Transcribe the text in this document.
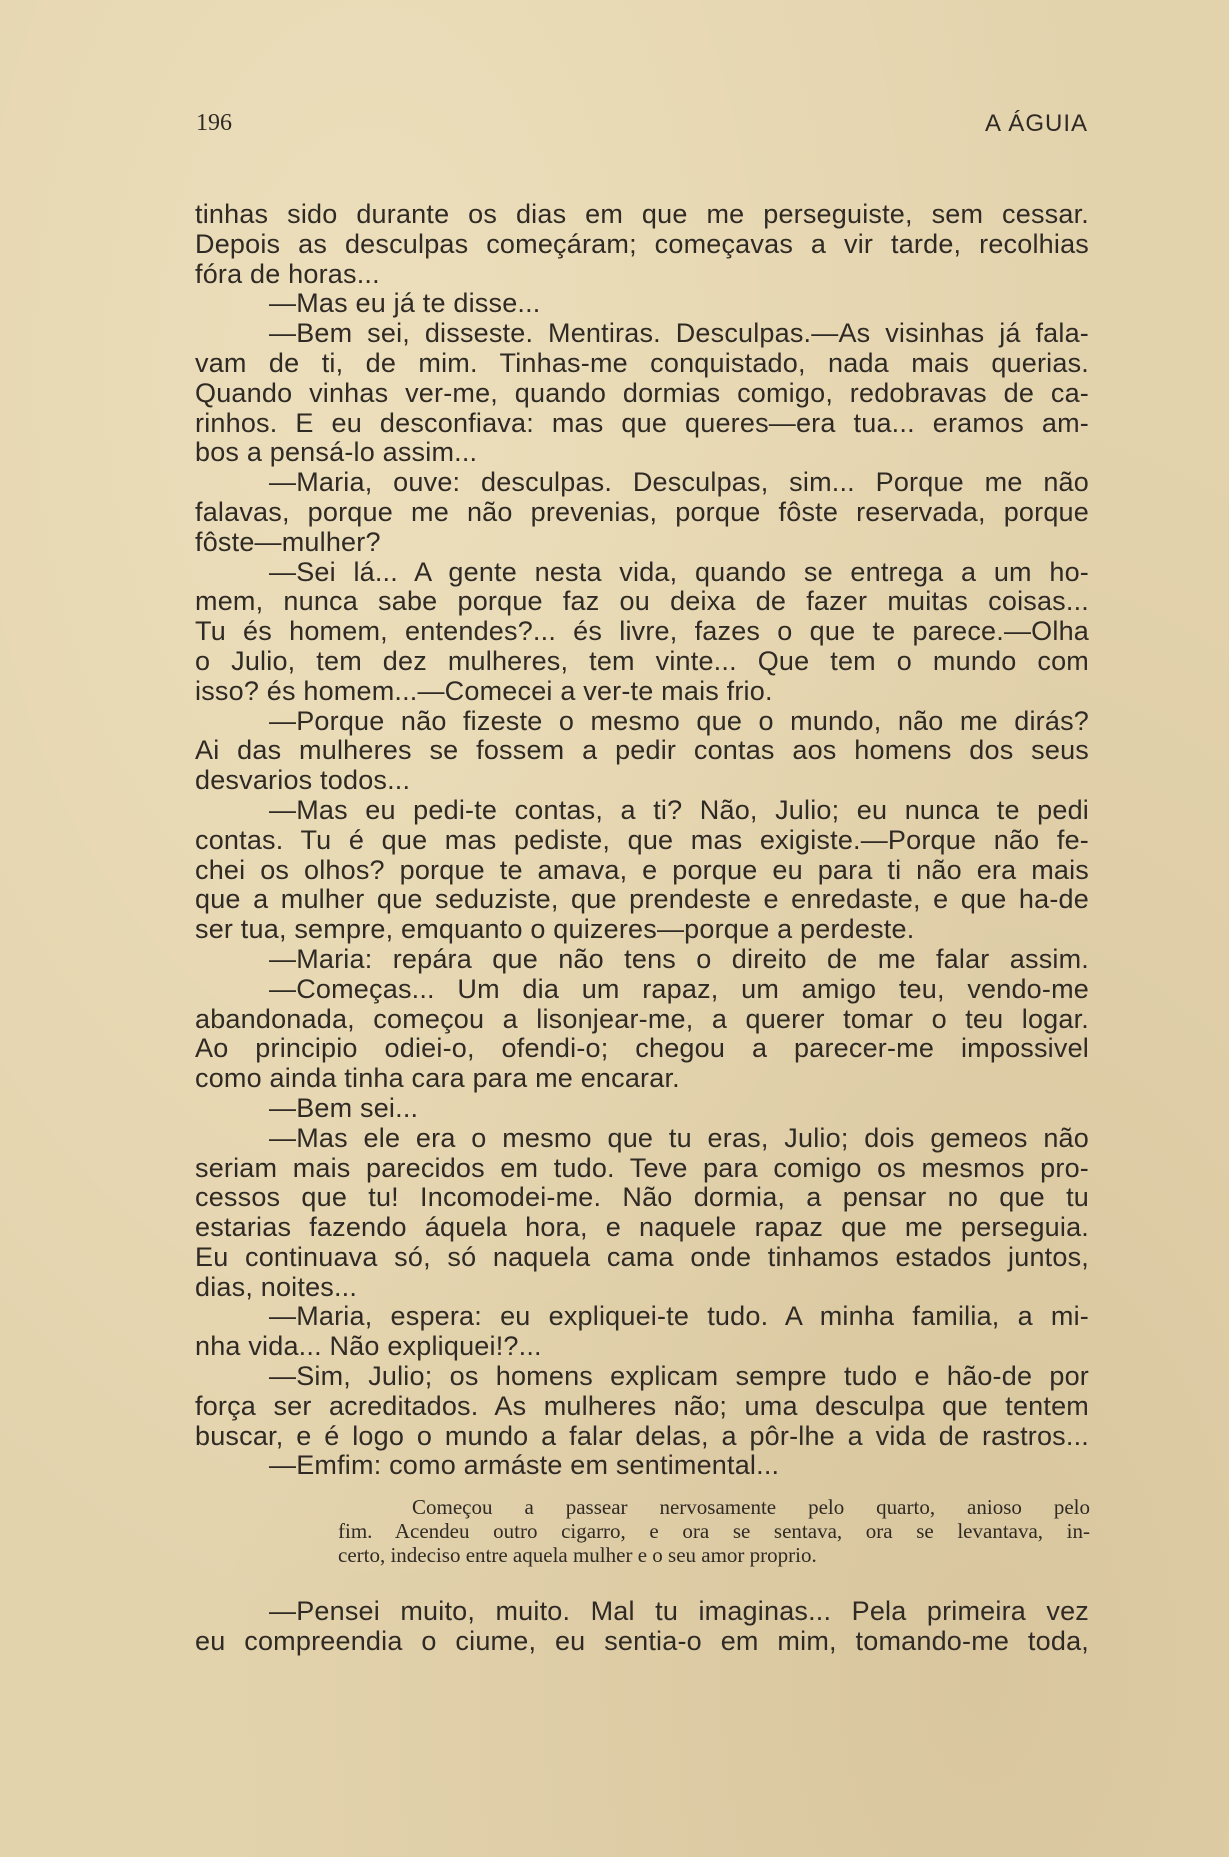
196	A ÁGUIA
tinhas sido durante os dias em que me perseguiste, sem cessar.
Depois as desculpas começáram; começavas a vir tarde, recolhias
fóra de horas...
—Mas eu já te disse...
—Bem sei, disseste. Mentiras. Desculpas.—As visinhas já fala-
vam de ti, de mim. Tinhas-me conquistado, nada mais querias.
Quando vinhas ver-me, quando dormias comigo, redobravas de ca-
rinhos. E eu desconfiava: mas que queres—era tua... eramos am-
bos a pensá-lo assim...
—Maria, ouve: desculpas. Desculpas, sim... Porque me não
falavas, porque me não prevenias, porque fôste reservada, porque
fôste—mulher?
—Sei lá... A gente nesta vida, quando se entrega a um ho-
mem, nunca sabe porque faz ou deixa de fazer muitas coisas...
Tu és homem, entendes?... és livre, fazes o que te parece.—Olha
o Julio, tem dez mulheres, tem vinte... Que tem o mundo com
isso? és homem...—Comecei a ver-te mais frio.
—Porque não fizeste o mesmo que o mundo, não me dirás?
Ai das mulheres se fossem a pedir contas aos homens dos seus
desvarios todos...
—Mas eu pedi-te contas, a ti? Não, Julio; eu nunca te pedi
contas. Tu é que mas pediste, que mas exigiste.—Porque não fe-
chei os olhos? porque te amava, e porque eu para ti não era mais
que a mulher que seduziste, que prendeste e enredaste, e que ha-de
ser tua, sempre, emquanto o quizeres—porque a perdeste.
—Maria: repára que não tens o direito de me falar assim.
—Começas... Um dia um rapaz, um amigo teu, vendo-me
abandonada, começou a lisonjear-me, a querer tomar o teu logar.
Ao principio odiei-o, ofendi-o; chegou a parecer-me impossivel
como ainda tinha cara para me encarar.
—Bem sei...
—Mas ele era o mesmo que tu eras, Julio; dois gemeos não
seriam mais parecidos em tudo. Teve para comigo os mesmos pro-
cessos que tu! Incomodei-me. Não dormia, a pensar no que tu
estarias fazendo áquela hora, e naquele rapaz que me perseguia.
Eu continuava só, só naquela cama onde tinhamos estados juntos,
dias, noites...
—Maria, espera: eu expliquei-te tudo. A minha familia, a mi-
nha vida... Não expliquei!?...
—Sim, Julio; os homens explicam sempre tudo e hão-de por
força ser acreditados. As mulheres não; uma desculpa que tentem
buscar, e é logo o mundo a falar delas, a pôr-lhe a vida de rastros...
—Emfim: como armáste em sentimental...
Começou a passear nervosamente pelo quarto, anioso pelo
fim. Acendeu outro cigarro, e ora se sentava, ora se levantava, in-
certo, indeciso entre aquela mulher e o seu amor proprio.
—Pensei muito, muito. Mal tu imaginas... Pela primeira vez
eu compreendia o ciume, eu sentia-o em mim, tomando-me toda,
